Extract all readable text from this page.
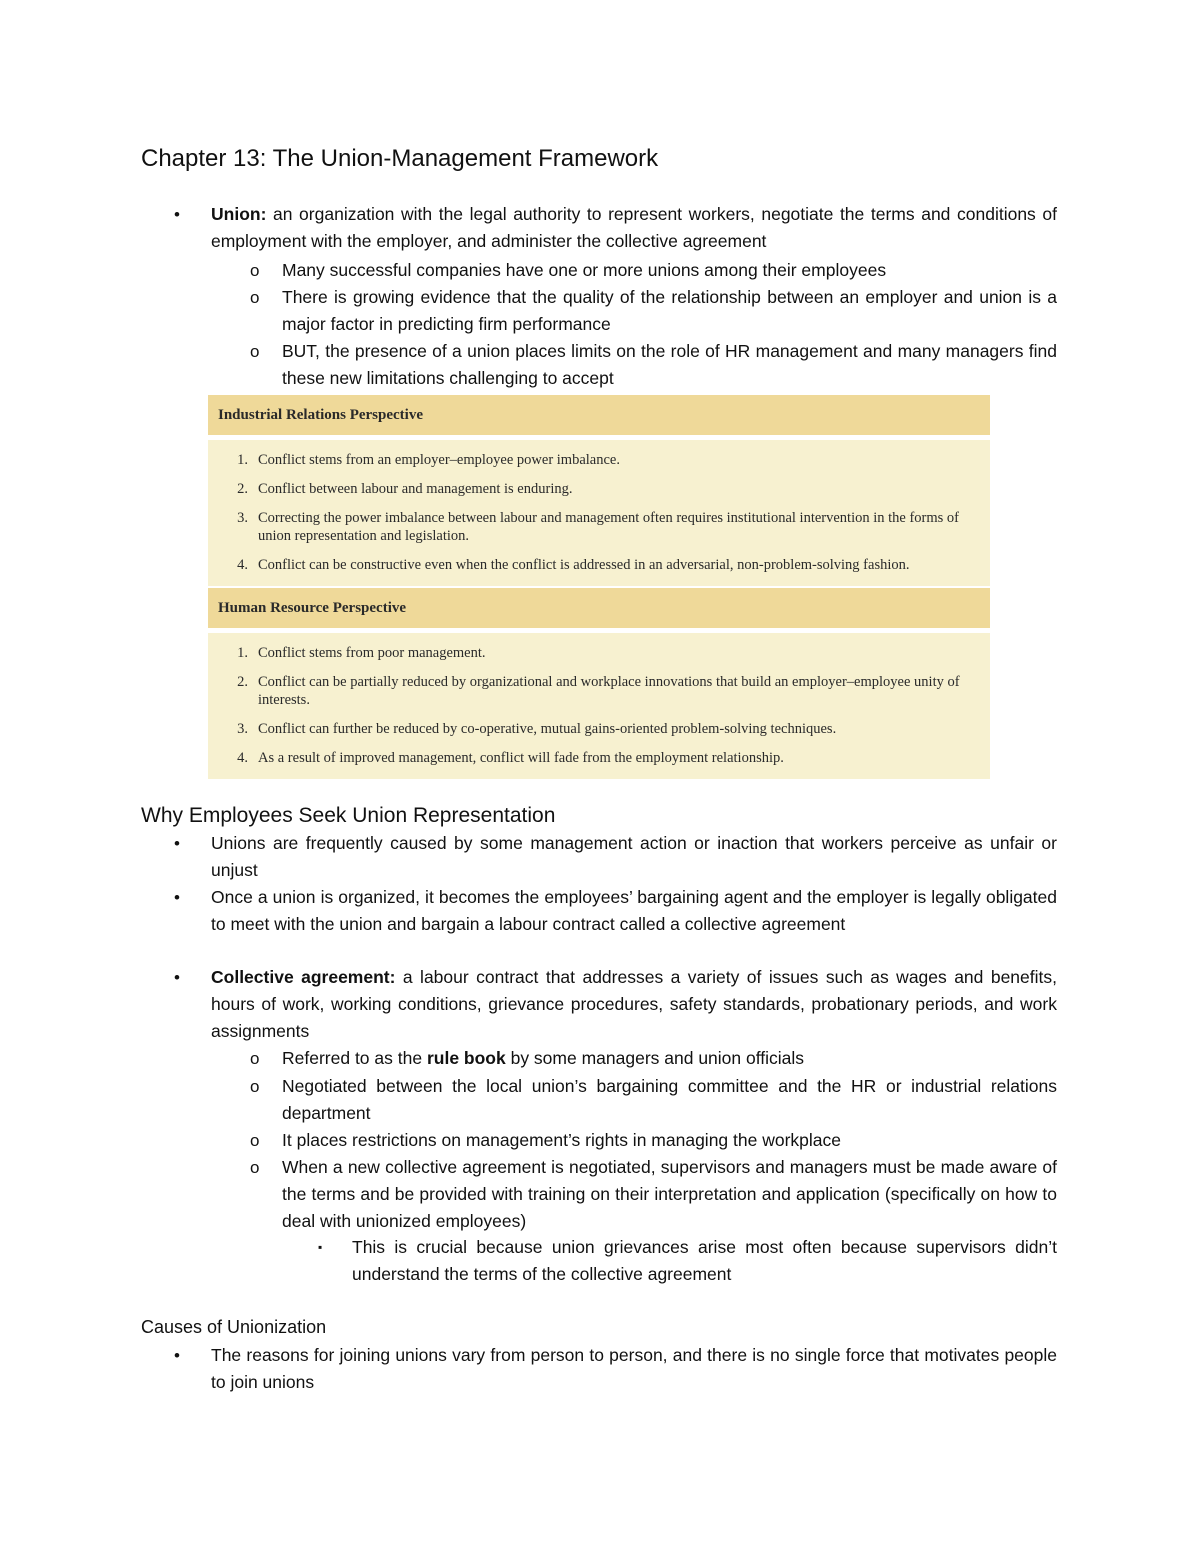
Chapter 13: The Union-Management Framework
• Union: an organization with the legal authority to represent workers, negotiate the terms and conditions of employment with the employer, and administer the collective agreement
o Many successful companies have one or more unions among their employees
o There is growing evidence that the quality of the relationship between an employer and union is a major factor in predicting firm performance
o BUT, the presence of a union places limits on the role of HR management and many managers find these new limitations challenging to accept
Industrial Relations Perspective
1. Conflict stems from an employer–employee power imbalance.
2. Conflict between labour and management is enduring.
3. Correcting the power imbalance between labour and management often requires institutional intervention in the forms of union representation and legislation.
4. Conflict can be constructive even when the conflict is addressed in an adversarial, non-problem-solving fashion.
Human Resource Perspective
1. Conflict stems from poor management.
2. Conflict can be partially reduced by organizational and workplace innovations that build an employer–employee unity of interests.
3. Conflict can further be reduced by co-operative, mutual gains-oriented problem-solving techniques.
4. As a result of improved management, conflict will fade from the employment relationship.
Why Employees Seek Union Representation
• Unions are frequently caused by some management action or inaction that workers perceive as unfair or unjust
• Once a union is organized, it becomes the employees’ bargaining agent and the employer is legally obligated to meet with the union and bargain a labour contract called a collective agreement
• Collective agreement: a labour contract that addresses a variety of issues such as wages and benefits, hours of work, working conditions, grievance procedures, safety standards, probationary periods, and work assignments
o Referred to as the rule book by some managers and union officials
o Negotiated between the local union’s bargaining committee and the HR or industrial relations department
o It places restrictions on management’s rights in managing the workplace
o When a new collective agreement is negotiated, supervisors and managers must be made aware of the terms and be provided with training on their interpretation and application (specifically on how to deal with unionized employees)
▪ This is crucial because union grievances arise most often because supervisors didn’t understand the terms of the collective agreement
Causes of Unionization
• The reasons for joining unions vary from person to person, and there is no single force that motivates people to join unions
